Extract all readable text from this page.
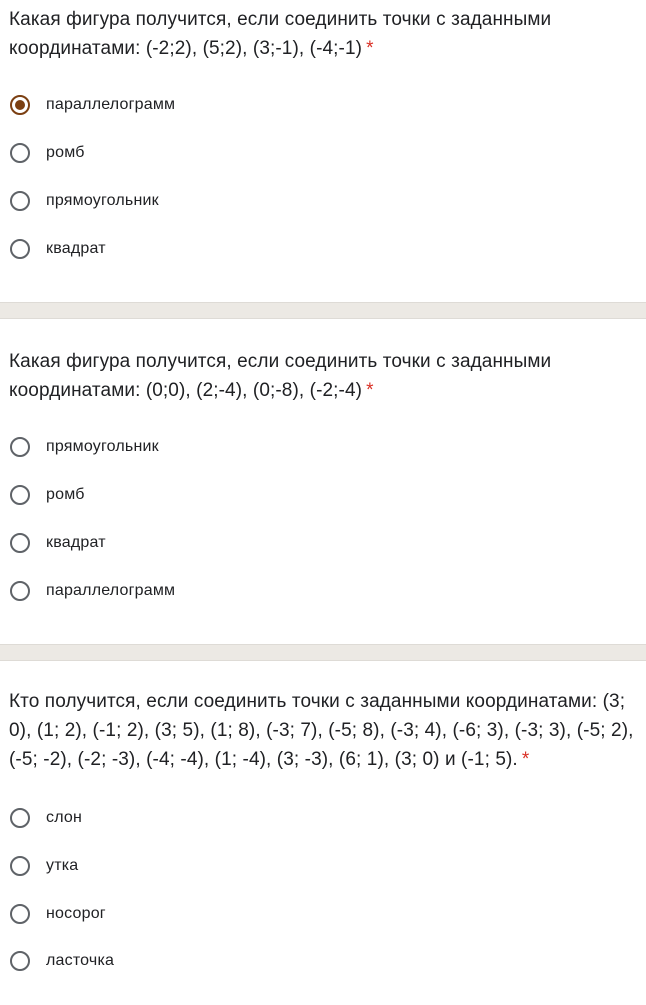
Какая фигура получится, если соединить точки с заданными координатами: (-2;2), (5;2), (3;-1), (-4;-1) *
параллелограмм
ромб
прямоугольник
квадрат
Какая фигура получится, если соединить точки с заданными координатами: (0;0), (2;-4), (0;-8), (-2;-4) *
прямоугольник
ромб
квадрат
параллелограмм
Кто получится, если соединить точки с заданными координатами: (3; 0), (1; 2), (-1; 2), (3; 5), (1; 8), (-3; 7), (-5; 8), (-3; 4), (-6; 3), (-3; 3), (-5; 2),(-5; -2), (-2; -3), (-4; -4), (1; -4), (3; -3), (6; 1), (3; 0) и (-1; 5). *
слон
утка
носорог
ласточка
